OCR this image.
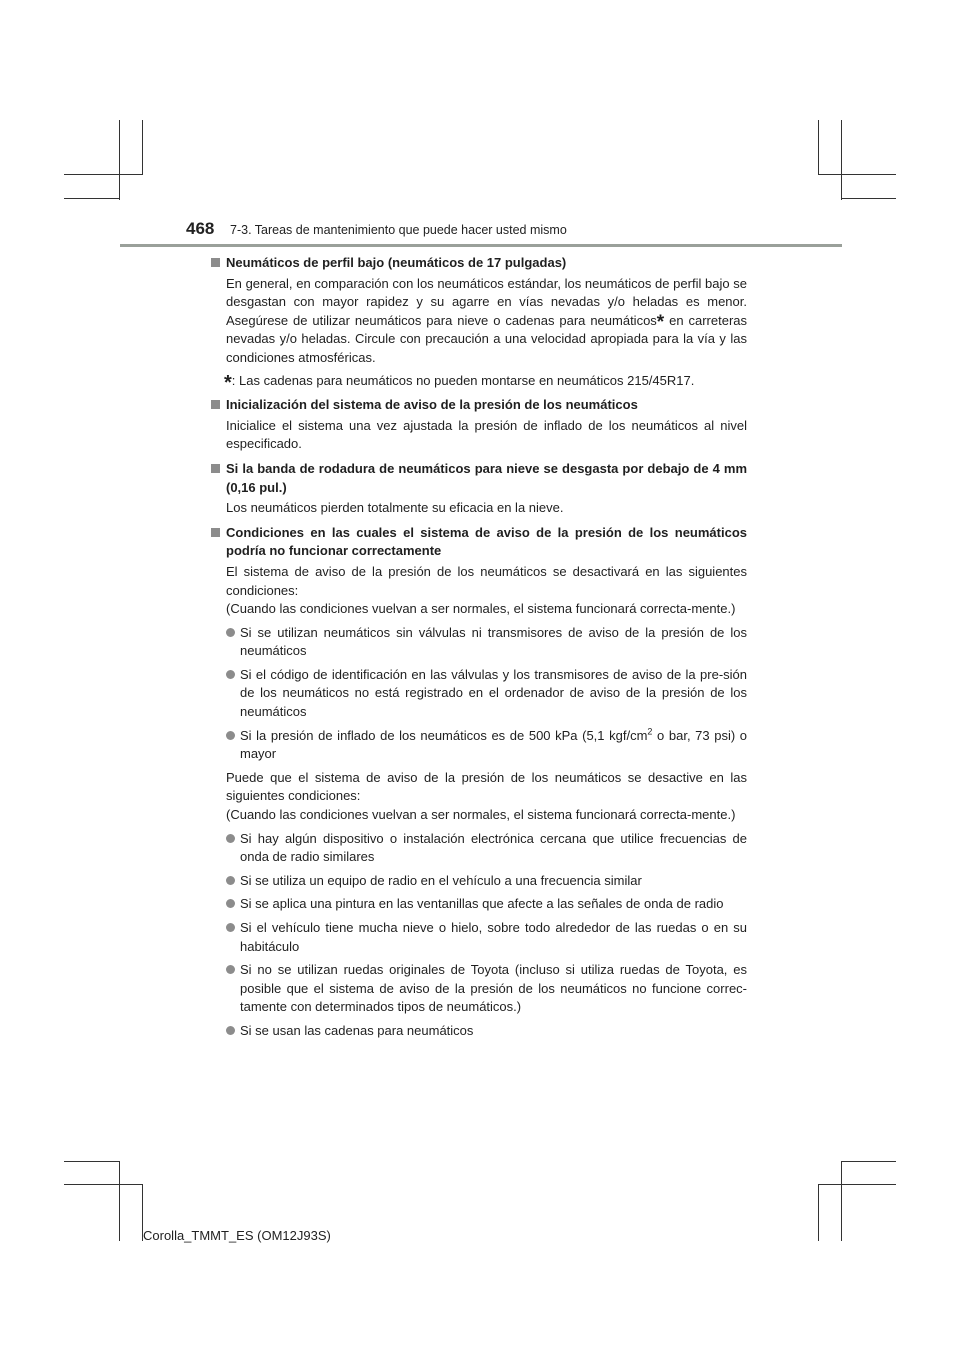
468 7-3. Tareas de mantenimiento que puede hacer usted mismo
Neumáticos de perfil bajo (neumáticos de 17 pulgadas)
En general, en comparación con los neumáticos estándar, los neumáticos de perfil bajo se desgastan con mayor rapidez y su agarre en vías nevadas y/o heladas es menor. Asegúrese de utilizar neumáticos para nieve o cadenas para neumáticos* en carreteras nevadas y/o heladas. Circule con precaución a una velocidad apropiada para la vía y las condiciones atmosféricas.
*: Las cadenas para neumáticos no pueden montarse en neumáticos 215/45R17.
Inicialización del sistema de aviso de la presión de los neumáticos
Inicialice el sistema una vez ajustada la presión de inflado de los neumáticos al nivel especificado.
Si la banda de rodadura de neumáticos para nieve se desgasta por debajo de 4 mm (0,16 pul.)
Los neumáticos pierden totalmente su eficacia en la nieve.
Condiciones en las cuales el sistema de aviso de la presión de los neumáticos podría no funcionar correctamente
El sistema de aviso de la presión de los neumáticos se desactivará en las siguientes condiciones:
(Cuando las condiciones vuelvan a ser normales, el sistema funcionará correcta-mente.)
Si se utilizan neumáticos sin válvulas ni transmisores de aviso de la presión de los neumáticos
Si el código de identificación en las válvulas y los transmisores de aviso de la pre-sión de los neumáticos no está registrado en el ordenador de aviso de la presión de los neumáticos
Si la presión de inflado de los neumáticos es de 500 kPa (5,1 kgf/$cm^2$ o bar, 73 psi) o mayor
Puede que el sistema de aviso de la presión de los neumáticos se desactive en las siguientes condiciones:
(Cuando las condiciones vuelvan a ser normales, el sistema funcionará correcta-mente.)
Si hay algún dispositivo o instalación electrónica cercana que utilice frecuencias de onda de radio similares
Si se utiliza un equipo de radio en el vehículo a una frecuencia similar
Si se aplica una pintura en las ventanillas que afecte a las señales de onda de radio
Si el vehículo tiene mucha nieve o hielo, sobre todo alrededor de las ruedas o en su habitáculo
Si no se utilizan ruedas originales de Toyota (incluso si utiliza ruedas de Toyota, es posible que el sistema de aviso de la presión de los neumáticos no funcione correc-tamente con determinados tipos de neumáticos.)
Si se usan las cadenas para neumáticos
Corolla_TMMT_ES (OM12J93S)
